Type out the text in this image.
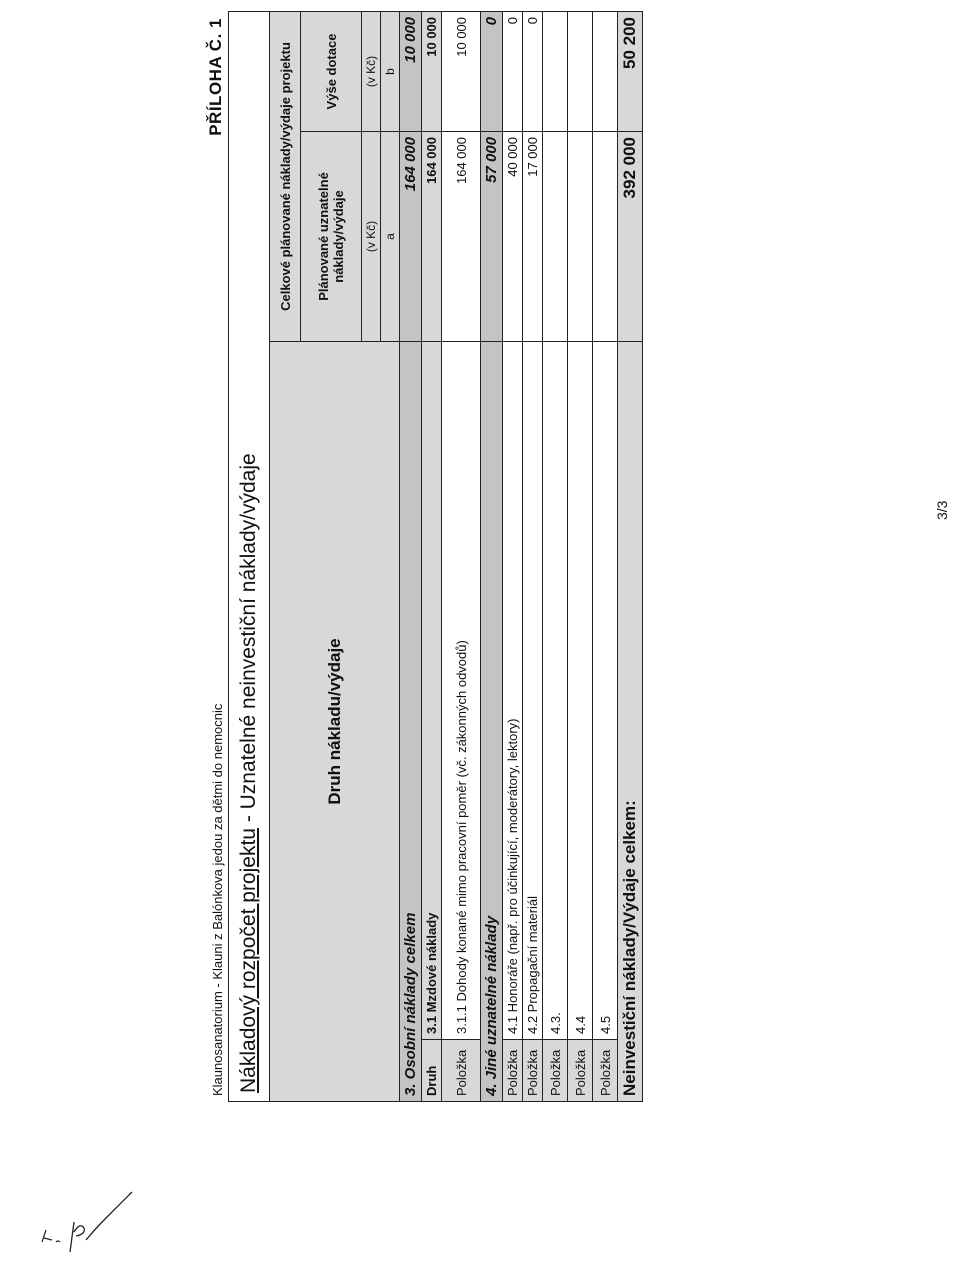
Klaunosanatorium - Klauni z Balónkova jedou za dětmi do nemocnic
PŘÍLOHA Č. 1
Nákladový rozpočet projektu - Uznatelné neinvestiční náklady/výdaje			
Druh nákladu/výdaje		Celkové plánované náklady/výdaje projektu	
		Plánované uznatelné náklady/výdaje	Výše dotace
		(v Kč)	(v Kč)
		a	b
3. Osobní náklady celkem		164 000	10 000
Druh	3.1 Mzdové náklady	164 000	10 000
Položka	3.1.1 Dohody konané mimo pracovní poměr (vč. zákonných odvodů)	164 000	10 000
4. Jiné uznatelné náklady		57 000	0
Položka	4.1 Honoráře (např. pro účinkující, moderátory, lektory)	40 000	0
Položka	4.2 Propagační materiál	17 000	0
Položka	4.3.		
Položka	4.4		
Položka	4.5		
Neinvestiční náklady/Výdaje celkem:		392 000	50 200
3/3
